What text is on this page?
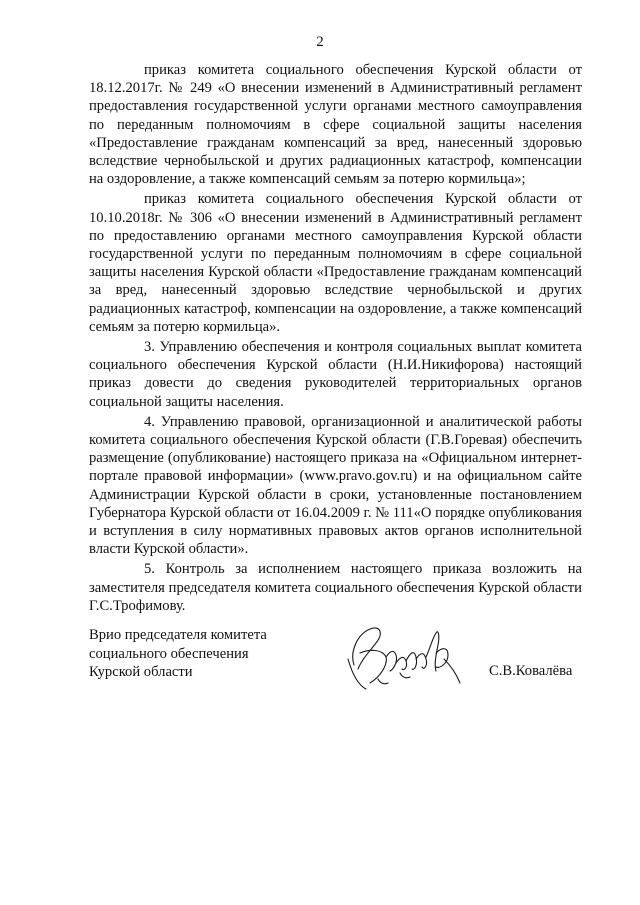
2

приказ комитета социального обеспечения Курской области от 18.12.2017г. № 249 «О внесении изменений в Административный регламент предоставления государственной услуги органами местного самоуправления по переданным полномочиям в сфере социальной защиты населения «Предоставление гражданам компенсаций за вред, нанесенный здоровью вследствие чернобыльской и других радиационных катастроф, компенсации на оздоровление, а также компенсаций семьям за потерю кормильца»;

приказ комитета социального обеспечения Курской области от 10.10.2018г. № 306 «О внесении изменений в Административный регламент по предоставлению органами местного самоуправления Курской области государственной услуги по переданным полномочиям в сфере социальной защиты населения Курской области «Предоставление гражданам компенсаций за вред, нанесенный здоровью вследствие чернобыльской и других радиационных катастроф, компенсации на оздоровление, а также компенсаций семьям за потерю кормильца».

3. Управлению обеспечения и контроля социальных выплат комитета социального обеспечения Курской области (Н.И.Никифорова) настоящий приказ довести до сведения руководителей территориальных органов социальной защиты населения.

4. Управлению правовой, организационной и аналитической работы комитета социального обеспечения Курской области (Г.В.Горевая) обеспечить размещение (опубликование) настоящего приказа на «Официальном интернет-портале правовой информации» (www.pravo.gov.ru) и на официальном сайте Администрации Курской области в сроки, установленные постановлением Губернатора Курской области от 16.04.2009 г. № 111«О порядке опубликования и вступления в силу нормативных правовых актов органов исполнительной власти Курской области».

5. Контроль за исполнением настоящего приказа возложить на заместителя председателя комитета социального обеспечения Курской области Г.С.Трофимову.

Врио председателя комитета
социального обеспечения
Курской области	С.В.Ковалёва
